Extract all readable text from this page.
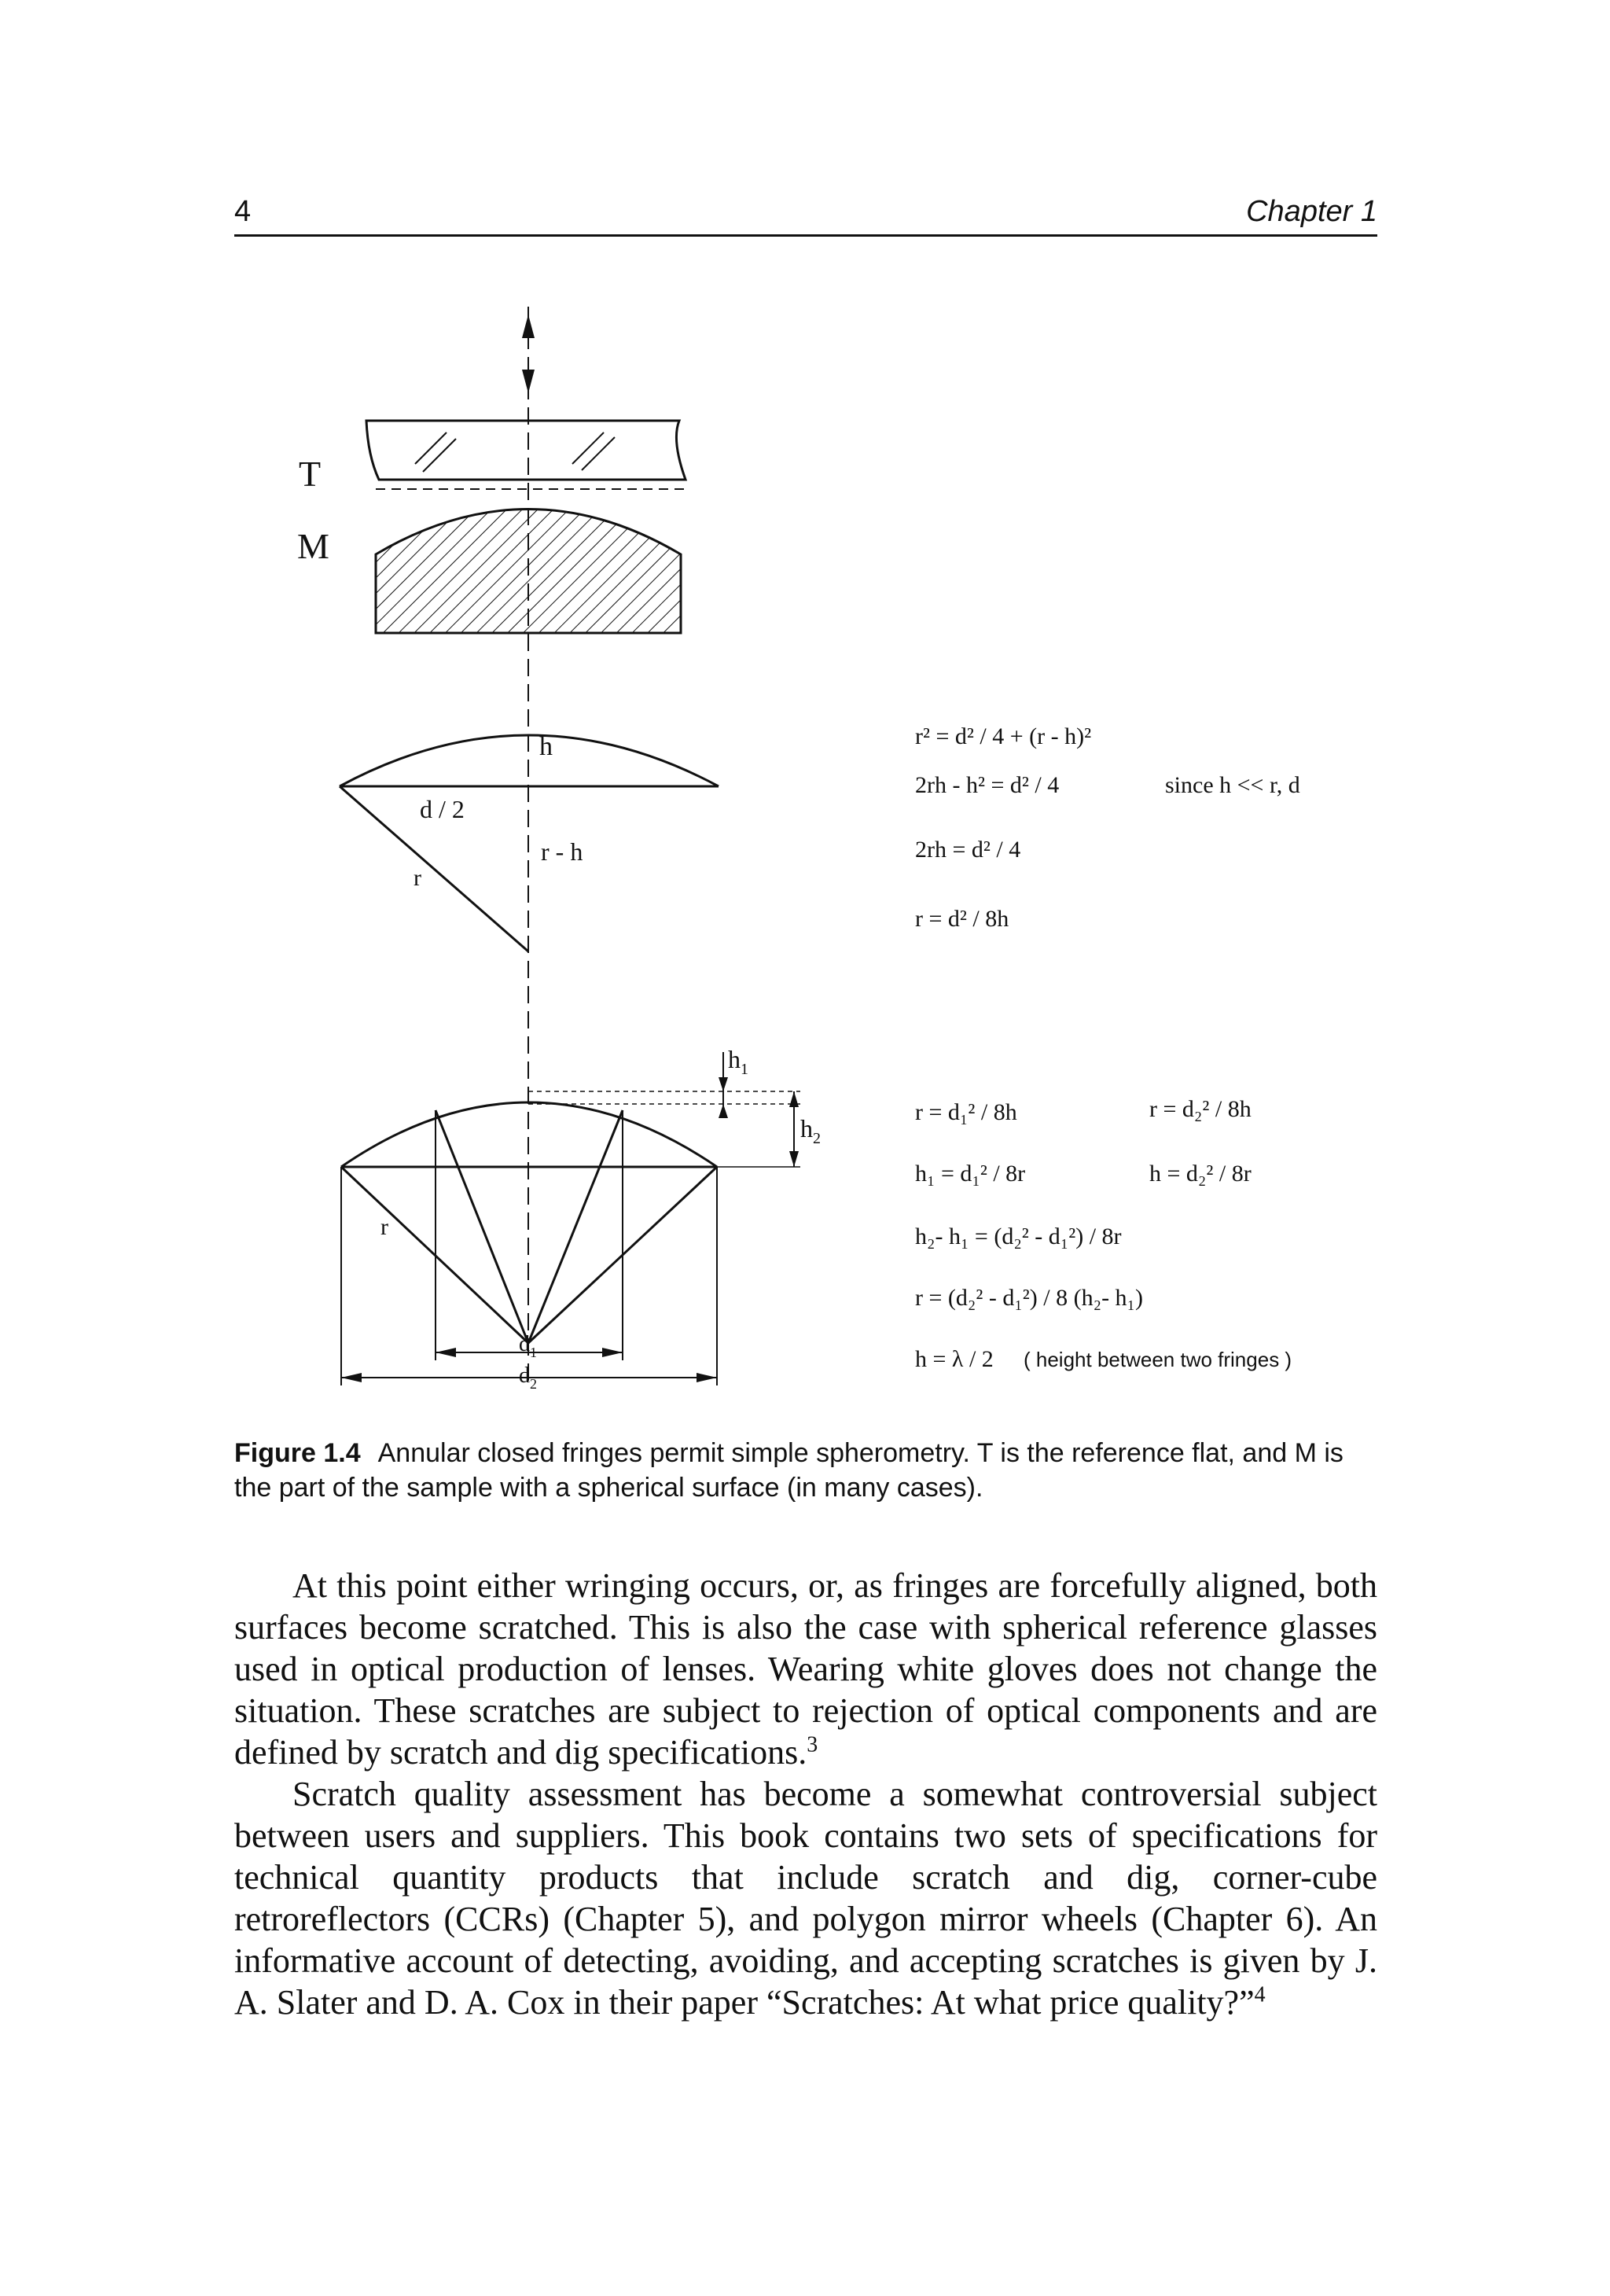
4	Chapter 1
T
M
h
d / 2
r - h
r
$h_1$
$h_2$
r
$d_1$
$d_2$
r² = d² / 4 + (r - h)²
2rh - h² = d² / 4	since h << r, d
2rh = d² / 4
r = d² / 8h
r = d₁² / 8h	r = d₂² / 8h
h₁ = d₁² / 8r	h = d₂² / 8r
h₂- h₁ = (d₂² - d₁²) / 8r
r = (d₂² - d₁²) / 8 (h₂- h₁)
h = λ / 2 ( height between two fringes )
Figure 1.4 Annular closed fringes permit simple spherometry. T is the reference flat, and M is the part of the sample with a spherical surface (in many cases).

At this point either wringing occurs, or, as fringes are forcefully aligned, both surfaces become scratched. This is also the case with spherical reference glasses used in optical production of lenses. Wearing white gloves does not change the situation. These scratches are subject to rejection of optical components and are defined by scratch and dig specifications.$^3$

Scratch quality assessment has become a somewhat controversial subject between users and suppliers. This book contains two sets of specifications for technical quantity products that include scratch and dig, corner-cube retroreflectors (CCRs) (Chapter 5), and polygon mirror wheels (Chapter 6). An informative account of detecting, avoiding, and accepting scratches is given by J. A. Slater and D. A. Cox in their paper “Scratches: At what price quality?”$^4$
